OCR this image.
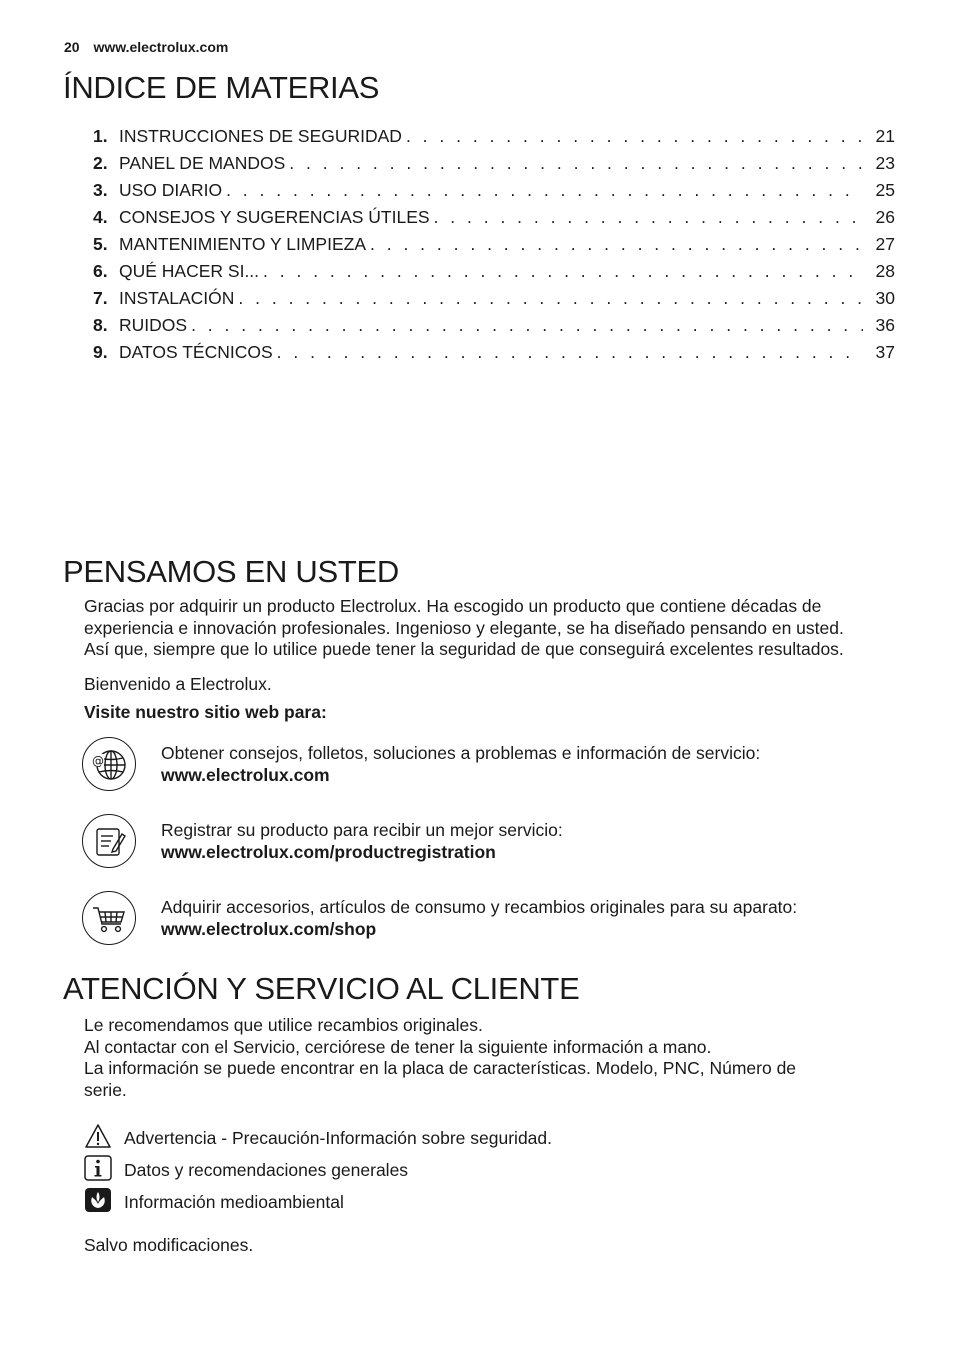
20 www.electrolux.com
ÍNDICE DE MATERIAS
1. INSTRUCCIONES DE SEGURIDAD . . .	21
2. PANEL DE MANDOS . . .	23
3. USO DIARIO . . .	25
4. CONSEJOS Y SUGERENCIAS ÚTILES . . .	26
5. MANTENIMIENTO Y LIMPIEZA . . .	27
6. QUÉ HACER SI... . . .	28
7. INSTALACIÓN . . .	30
8. RUIDOS . . .	36
9. DATOS TÉCNICOS . . .	37
PENSAMOS EN USTED
Gracias por adquirir un producto Electrolux. Ha escogido un producto que contiene décadas de
experiencia e innovación profesionales. Ingenioso y elegante, se ha diseñado pensando en usted.
Así que, siempre que lo utilice puede tener la seguridad de que conseguirá excelentes resultados.
Bienvenido a Electrolux.
Visite nuestro sitio web para:
@	Obtener consejos, folletos, soluciones a problemas e información de servicio:
www.electrolux.com
Registrar su producto para recibir un mejor servicio:
www.electrolux.com/productregistration
Adquirir accesorios, artículos de consumo y recambios originales para su aparato:
www.electrolux.com/shop
ATENCIÓN Y SERVICIO AL CLIENTE
Le recomendamos que utilice recambios originales.
Al contactar con el Servicio, cerciórese de tener la siguiente información a mano.
La información se puede encontrar en la placa de características. Modelo, PNC, Número de
serie.
Advertencia - Precaución-Información sobre seguridad.
Datos y recomendaciones generales
Información medioambiental
Salvo modificaciones.
